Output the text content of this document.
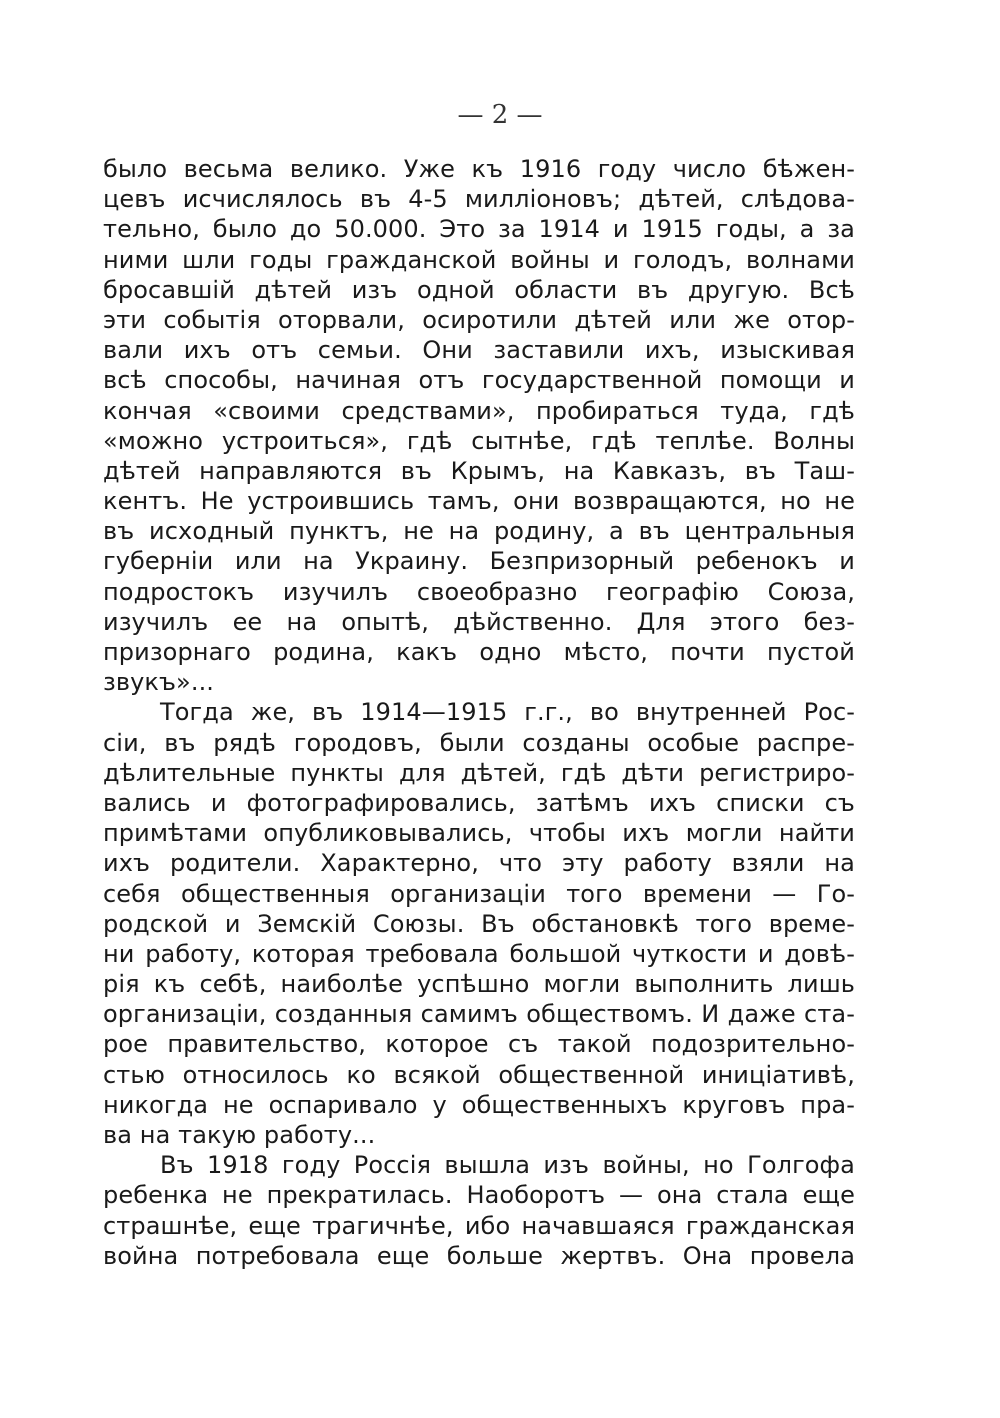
— 2 —
было весьма велико. Уже къ 1916 году число бѣжен-
цевъ исчислялось въ 4-5 милліоновъ; дѣтей, слѣдова-
тельно, было до 50.000. Это за 1914 и 1915 годы, а за
ними шли годы гражданской войны и голодъ, волнами
бросавшій дѣтей изъ одной области въ другую. Всѣ
эти событія оторвали, осиротили дѣтей или же отор-
вали ихъ отъ семьи. Они заставили ихъ, изыскивая
всѣ способы, начиная отъ государственной помощи и
кончая «своими средствами», пробираться туда, гдѣ
«можно устроиться», гдѣ сытнѣе, гдѣ теплѣе. Волны
дѣтей направляются въ Крымъ, на Кавказъ, въ Таш-
кентъ. Не устроившись тамъ, они возвращаются, но не
въ исходный пунктъ, не на родину, а въ центральныя
губерніи или на Украину. Безпризорный ребенокъ и
подростокъ изучилъ своеобразно географію Союза,
изучилъ ее на опытѣ, дѣйственно. Для этого без-
призорнаго родина, какъ одно мѣсто, почти пустой
звукъ»...
Тогда же, въ 1914—1915 г.г., во внутренней Рос-
сіи, въ рядѣ городовъ, были созданы особые распре-
дѣлительные пункты для дѣтей, гдѣ дѣти регистриро-
вались и фотографировались, затѣмъ ихъ списки съ
примѣтами опубликовывались, чтобы ихъ могли найти
ихъ родители. Характерно, что эту работу взяли на
себя общественныя организаціи того времени — Го-
родской и Земскій Союзы. Въ обстановкѣ того време-
ни работу, которая требовала большой чуткости и довѣ-
рія къ себѣ, наиболѣе успѣшно могли выполнить лишь
организаціи, созданныя самимъ обществомъ. И даже ста-
рое правительство, которое съ такой подозрительно-
стью относилось ко всякой общественной иниціативѣ,
никогда не оспаривало у общественныхъ круговъ пра-
ва на такую работу...
Въ 1918 году Россія вышла изъ войны, но Голгофа
ребенка не прекратилась. Наоборотъ — она стала еще
страшнѣе, еще трагичнѣе, ибо начавшаяся гражданская
война потребовала еще больше жертвъ. Она провела
